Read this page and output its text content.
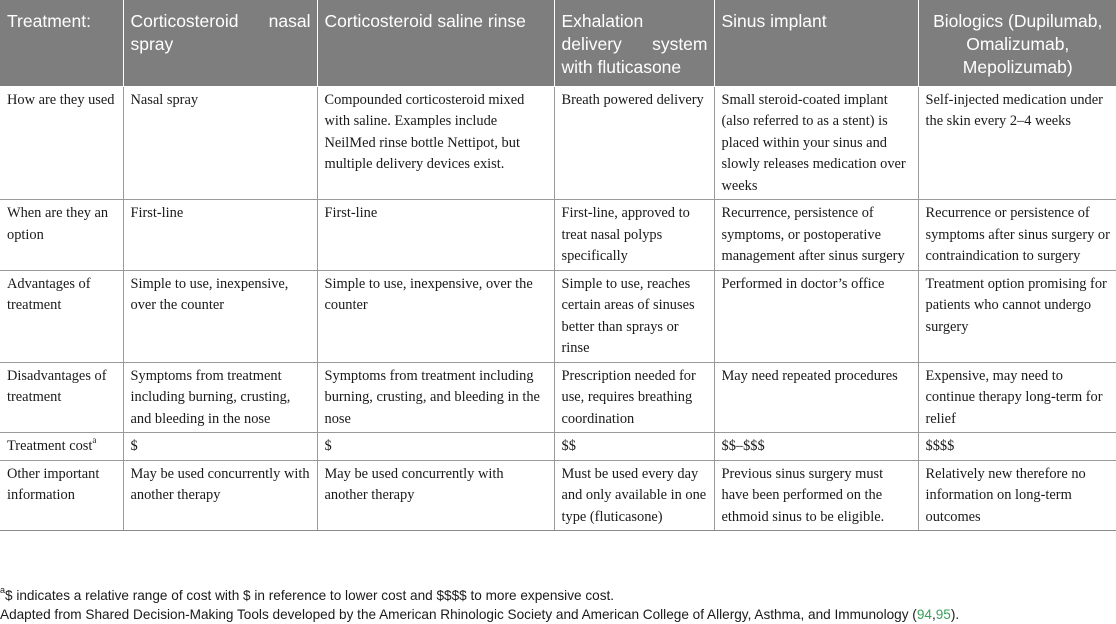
Treatment:	Corticosteroid nasal spray	Corticosteroid saline rinse	Exhalation delivery system with fluticasone	Sinus implant	Biologics (Dupilumab, Omalizumab, Mepolizumab)
How are they used	Nasal spray	Compounded corticosteroid mixed with saline. Examples include NeilMed rinse bottle Nettipot, but multiple delivery devices exist.	Breath powered delivery	Small steroid-coated implant (also referred to as a stent) is placed within your sinus and slowly releases medication over weeks	Self-injected medication under the skin every 2–4 weeks
When are they an option	First-line	First-line	First-line, approved to treat nasal polyps specifically	Recurrence, persistence of symptoms, or postoperative management after sinus surgery	Recurrence or persistence of symptoms after sinus surgery or contraindication to surgery
Advantages of treatment	Simple to use, inexpensive, over the counter	Simple to use, inexpensive, over the counter	Simple to use, reaches certain areas of sinuses better than sprays or rinse	Performed in doctor’s office	Treatment option promising for patients who cannot undergo surgery
Disadvantages of treatment	Symptoms from treatment including burning, crusting, and bleeding in the nose	Symptoms from treatment including burning, crusting, and bleeding in the nose	Prescription needed for use, requires breathing coordination	May need repeated procedures	Expensive, may need to continue therapy long-term for relief
Treatment cost$^a$	$	$	$$	$$–$$$	$$$$
Other important information	May be used concurrently with another therapy	May be used concurrently with another therapy	Must be used every day and only available in one type (fluticasone)	Previous sinus surgery must have been performed on the ethmoid sinus to be eligible.	Relatively new therefore no information on long-term outcomes
$^a$\$ indicates a relative range of cost with $ in reference to lower cost and $$$$ to more expensive cost.
Adapted from Shared Decision-Making Tools developed by the American Rhinologic Society and American College of Allergy, Asthma, and Immunology (94,95).
